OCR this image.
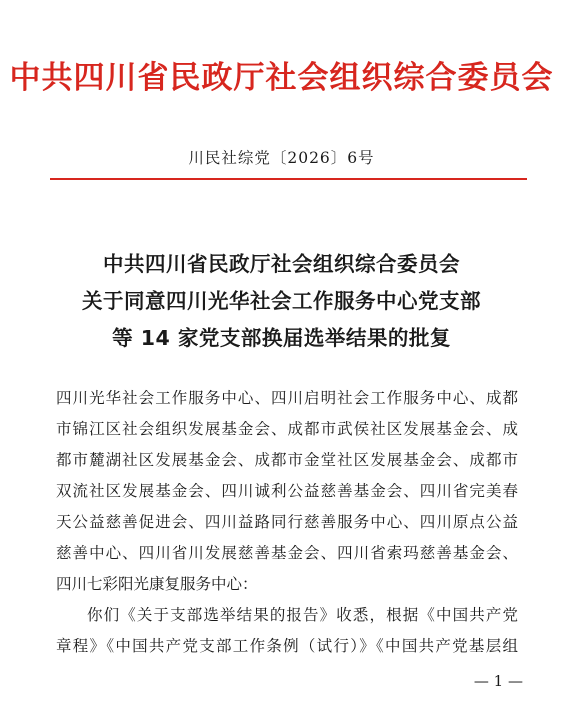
中共四川省民政厅社会组织综合委员会
川民社综党〔2026〕6号
中共四川省民政厅社会组织综合委员会
关于同意四川光华社会工作服务中心党支部
等 14 家党支部换届选举结果的批复
四川光华社会工作服务中心、四川启明社会工作服务中心、成都
市锦江区社会组织发展基金会、成都市武侯社区发展基金会、成
都市麓湖社区发展基金会、成都市金堂社区发展基金会、成都市
双流社区发展基金会、四川诚利公益慈善基金会、四川省完美春
天公益慈善促进会、四川益路同行慈善服务中心、四川原点公益
慈善中心、四川省川发展慈善基金会、四川省索玛慈善基金会、
四川七彩阳光康复服务中心：
你们《关于支部选举结果的报告》收悉，根据《中国共产党
章程》《中国共产党支部工作条例（试行）》《中国共产党基层组
— 1 —
